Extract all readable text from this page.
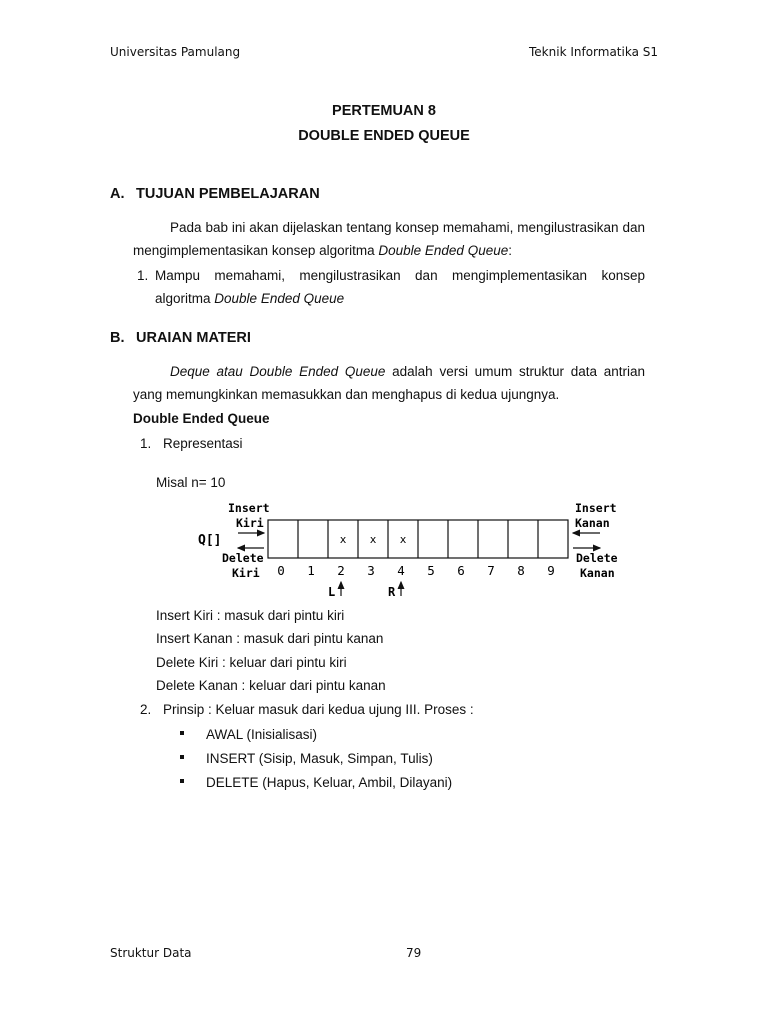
Universitas Pamulang	Teknik Informatika S1
PERTEMUAN 8
DOUBLE ENDED QUEUE
A. TUJUAN PEMBELAJARAN
Pada bab ini akan dijelaskan tentang konsep memahami, mengilustrasikan dan mengimplementasikan konsep algoritma Double Ended Queue:
1. Mampu memahami, mengilustrasikan dan mengimplementasikan konsep algoritma Double Ended Queue
B. URAIAN MATERI
Deque atau Double Ended Queue adalah versi umum struktur data antrian yang memungkinkan memasukkan dan menghapus di kedua ujungnya.
Double Ended Queue
1. Representasi
Misal n= 10
Insert
Kiri
Q[]
Delete
Kiri
x x x
0 1 2 3 4 5 6 7 8 9
Insert
Kanan
Delete
Kanan
L	R
Insert Kiri : masuk dari pintu kiri
Insert Kanan : masuk dari pintu kanan
Delete Kiri : keluar dari pintu kiri
Delete Kanan : keluar dari pintu kanan
2. Prinsip : Keluar masuk dari kedua ujung III. Proses :
AWAL (Inisialisasi)
INSERT (Sisip, Masuk, Simpan, Tulis)
DELETE (Hapus, Keluar, Ambil, Dilayani)
Struktur Data	79
